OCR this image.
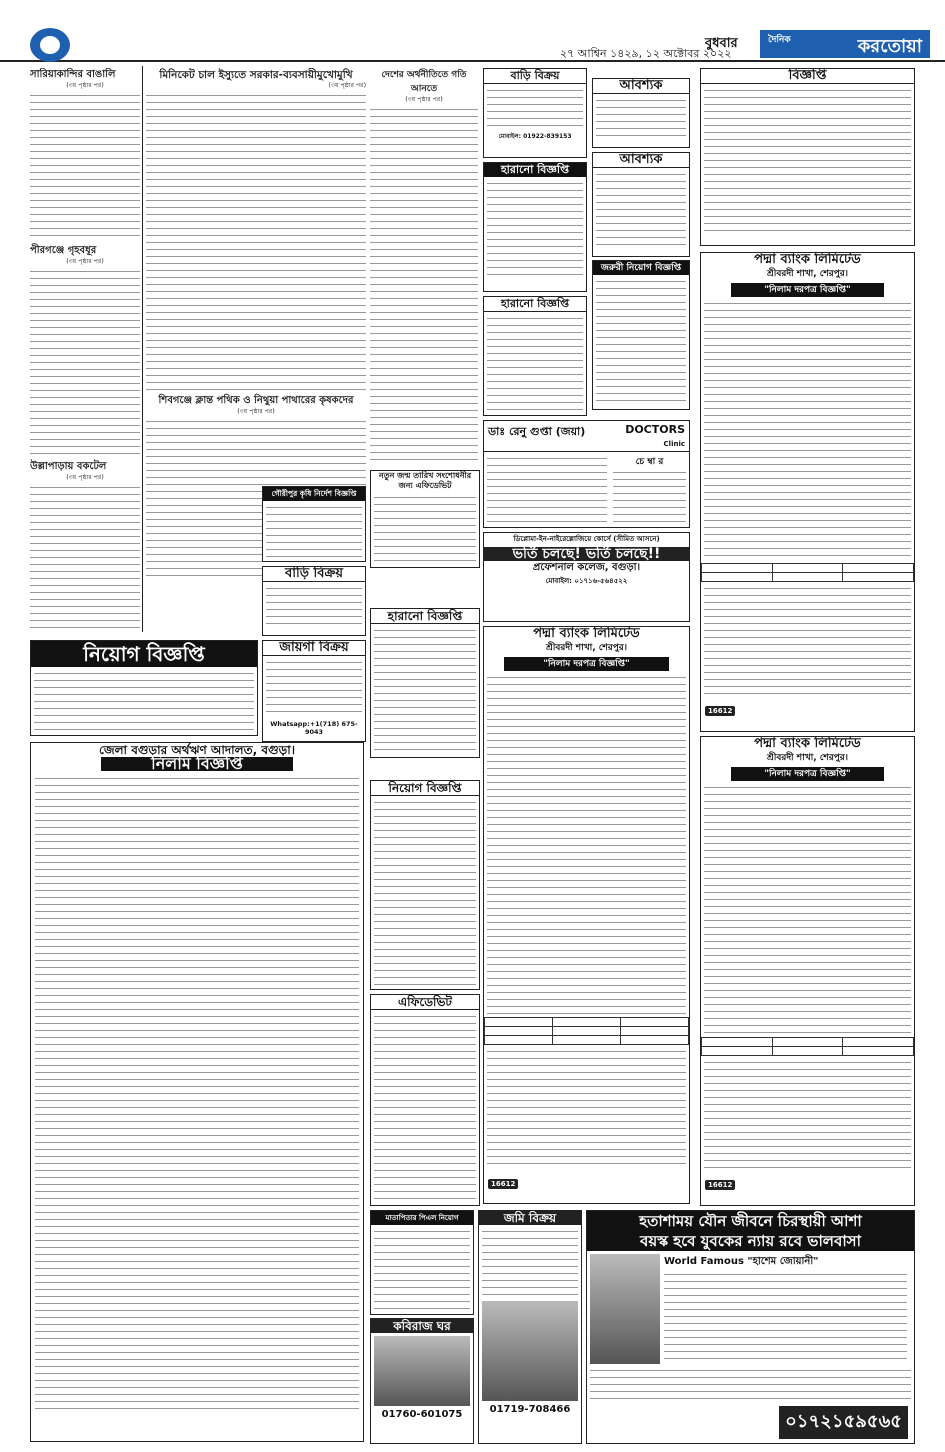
২৭ আশ্বিন ১৪২৯, ১২ অক্টোবর ২০২২
বুধবার	দৈনিক	করতোয়া
সারিয়াকান্দির বাঙালি
(৩য় পৃষ্ঠার পর)
পীরগঞ্জে গৃহবধূর
(৩য় পৃষ্ঠার পর)
উল্লাপাড়ায় বকটেল
(৩য় পৃষ্ঠার পর)
মিনিকেট চাল ইস্যুতে সরকার-ব্যবসায়ীমুখোমুখি
(৩য় পৃষ্ঠার পর)
শিবগঞ্জে ক্লান্ত পথিক ও নিথুয়া পাথারের কৃষকদের
(৩য় পৃষ্ঠার পর)
দেশের অর্থনীতিতে গতি আনতে
(৩য় পৃষ্ঠার পর)
বাড়ি বিক্রয়
মোবাইল: 01922-839153
হারানো বিজ্ঞপ্তি
হারানো বিজ্ঞপ্তি
আবশ্যক
আবশ্যক
জরুরী নিয়োগ বিজ্ঞপ্তি
ডাঃ রেনু গুপ্তা (জয়া)	DOCTORS
Clinic
চে ম্বা র
নতুন জন্ম তারিখ সংশোধনীর জন্য এফিডেভিট
গৌরীপুর কৃষি নির্দেশ বিজ্ঞপ্তি
বাড়ি বিক্রয়
জায়গা বিক্রয়
Whatsapp:+1(718) 675-9043
নিয়োগ বিজ্ঞপ্তি
হারানো বিজ্ঞপ্তি
ডিপ্লোমা-ইন-নাইরেল্লোজিয়ে কোর্সে (সীমিত আসনে)
ভর্তি চলছে! ভর্তি চলছে!!
প্রফেশনাল কলেজ, বগুড়া।
মোবাইল: ০১৭১৬-৫৬৪৫২২
পদ্মা ব্যাংক লিমিটেড
শ্রীবরদী শাখা, শেরপুর।
"নিলাম দরপত্র বিজ্ঞপ্তি"

16612
নিয়োগ বিজ্ঞপ্তি
এফিডেভিট
জেলা বগুড়ার অর্থঋণ আদালত, বগুড়া।
নিলাম বিজ্ঞপ্তি
বিজ্ঞপ্তি
পদ্মা ব্যাংক লিমিটেড
শ্রীবরদী শাখা, শেরপুর।
"নিলাম দরপত্র বিজ্ঞপ্তি"

16612
পদ্মা ব্যাংক লিমিটেড
শ্রীবরদী শাখা, শেরপুর।
"নিলাম দরপত্র বিজ্ঞপ্তি"

16612
মাতাপিতার পিএল নিয়োগ
কবিরাজ ঘর
01760-601075
জমি বিক্রয়
01719-708466
হতাশাময় যৌন জীবনে চিরস্থায়ী আশা
বয়স্ক হবে যুবকের ন্যায় রবে ভালবাসা
World Famous "হাশেম জোয়ানী"
০১৭২১৫৯৫৬৫
